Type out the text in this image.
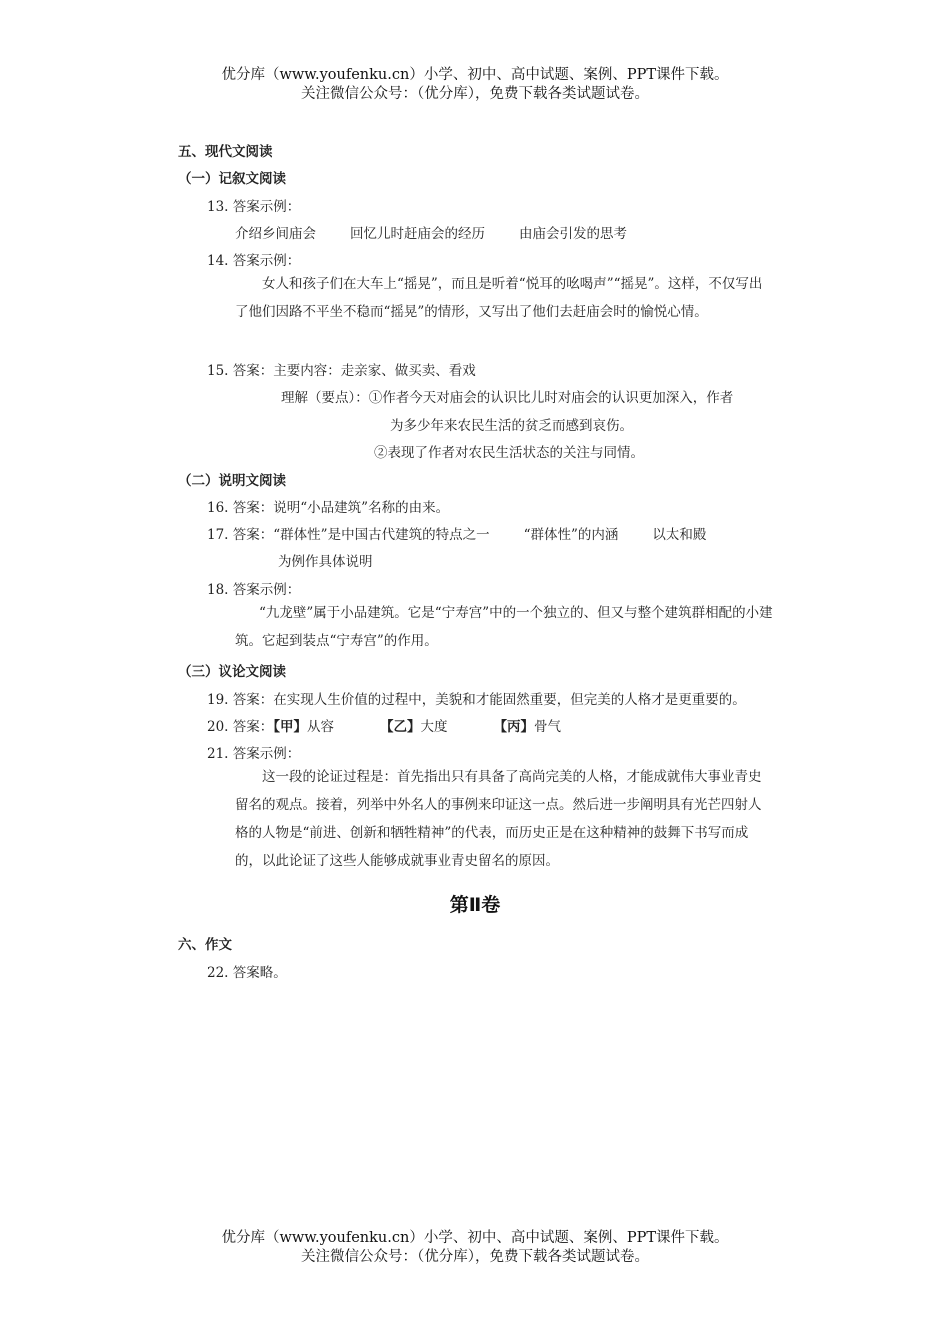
优分库（www.youfenku.cn）小学、初中、高中试题、案例、PPT课件下载。
关注微信公众号：（优分库），免费下载各类试题试卷。
五、现代文阅读
（一）记叙文阅读
13. 答案示例：
介绍乡间庙会	回忆儿时赶庙会的经历	由庙会引发的思考
14. 答案示例：
女人和孩子们在大车上“摇晃”，而且是听着“悦耳的吆喝声”“摇晃”。这样，不仅写出了他们因路不平坐不稳而“摇晃”的情形，又写出了他们去赶庙会时的愉悦心情。
15. 答案：主要内容：走亲家、做买卖、看戏
理解（要点）：①作者今天对庙会的认识比儿时对庙会的认识更加深入，作者
为多少年来农民生活的贫乏而感到哀伤。
②表现了作者对农民生活状态的关注与同情。
（二）说明文阅读
16. 答案：说明“小品建筑”名称的由来。
17. 答案：“群体性”是中国古代建筑的特点之一	“群体性”的内涵	以太和殿
为例作具体说明
18. 答案示例：
“九龙壁”属于小品建筑。它是“宁寿宫”中的一个独立的、但又与整个建筑群相配的小建筑。它起到装点“宁寿宫”的作用。
（三）议论文阅读
19. 答案：在实现人生价值的过程中，美貌和才能固然重要，但完美的人格才是更重要的。
20. 答案：【甲】从容	【乙】大度	【丙】骨气
21. 答案示例：
这一段的论证过程是：首先指出只有具备了高尚完美的人格，才能成就伟大事业青史留名的观点。接着，列举中外名人的事例来印证这一点。然后进一步阐明具有光芒四射人格的人物是“前进、创新和牺牲精神”的代表，而历史正是在这种精神的鼓舞下书写而成的，以此论证了这些人能够成就事业青史留名的原因。
第Ⅱ卷
六、作文
22. 答案略。
优分库（www.youfenku.cn）小学、初中、高中试题、案例、PPT课件下载。
关注微信公众号：（优分库），免费下载各类试题试卷。
